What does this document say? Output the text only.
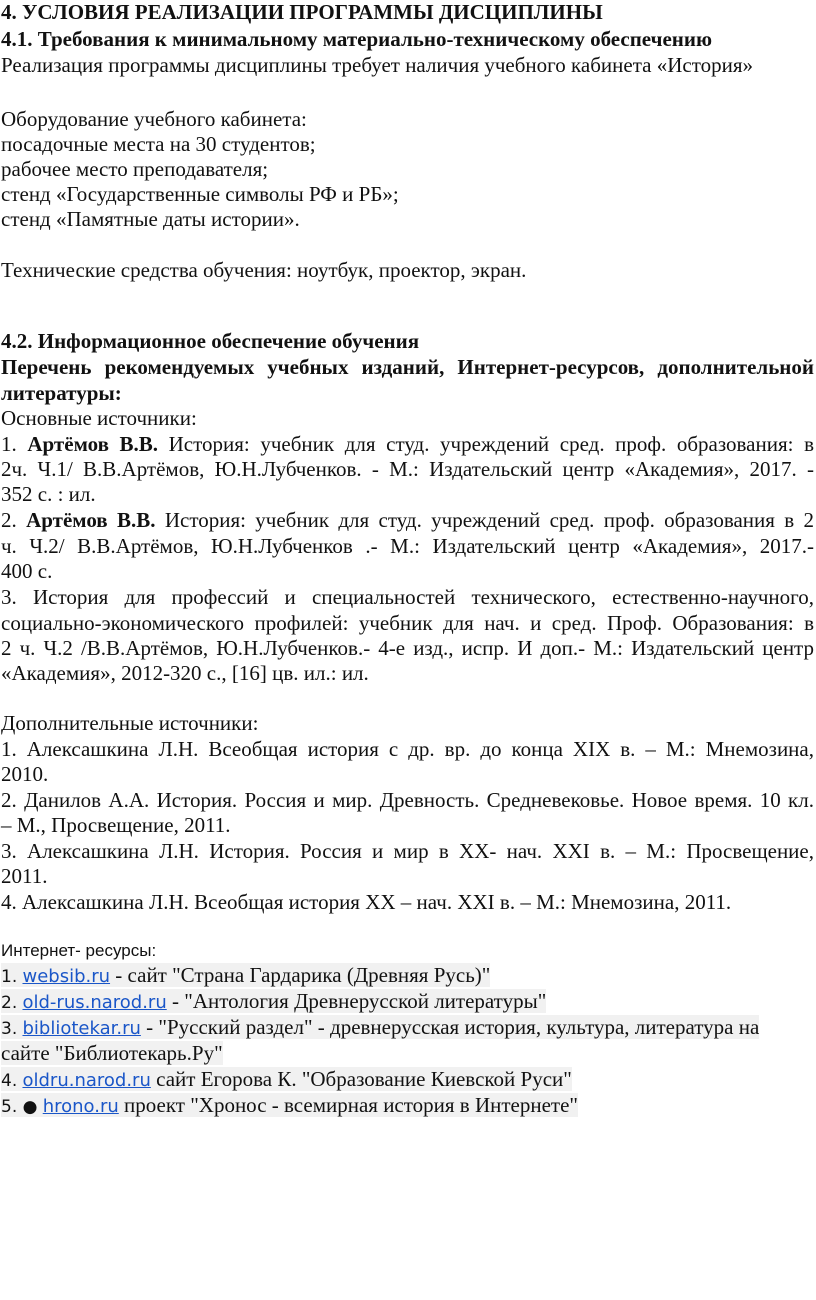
4. УСЛОВИЯ РЕАЛИЗАЦИИ ПРОГРАММЫ ДИСЦИПЛИНЫ
4.1. Требования к минимальному материально-техническому обеспечению
Реализация программы дисциплины требует наличия учебного кабинета «История»
Оборудование учебного кабинета:
посадочные места на 30 студентов;
рабочее место преподавателя;
стенд «Государственные символы РФ и РБ»;
стенд «Памятные даты истории».
Технические средства обучения: ноутбук, проектор, экран.
4.2. Информационное обеспечение обучения
Перечень рекомендуемых учебных изданий, Интернет-ресурсов, дополнительной
литературы:
Основные источники:
1. Артёмов В.В. История: учебник для студ. учреждений сред. проф. образования: в
2ч. Ч.1/ В.В.Артёмов, Ю.Н.Лубченков. - М.: Издательский центр «Академия», 2017. -
352 с. : ил.
2. Артёмов В.В. История: учебник для студ. учреждений сред. проф. образования в 2
ч. Ч.2/ В.В.Артёмов, Ю.Н.Лубченков .- М.: Издательский центр «Академия», 2017.-
400 с.
3. История для профессий и специальностей технического, естественно-научного,
социально-экономического профилей: учебник для нач. и сред. Проф. Образования: в
2 ч. Ч.2 /В.В.Артёмов, Ю.Н.Лубченков.- 4-е изд., испр. И доп.- М.: Издательский центр
«Академия», 2012-320 с., [16] цв. ил.: ил.
Дополнительные источники:
1. Алексашкина Л.Н. Всеобщая история с др. вр. до конца XIX в. – М.: Мнемозина,
2010.
2. Данилов А.А. История. Россия и мир. Древность. Средневековье. Новое время. 10 кл.
– М., Просвещение, 2011.
3. Алексашкина Л.Н. История. Россия и мир в XX- нач. XXI в. – М.: Просвещение,
2011.
4. Алексашкина Л.Н. Всеобщая история XX – нач. XXI в. – М.: Мнемозина, 2011.
Интернет- ресурсы:
1. websib.ru - сайт "Страна Гардарика (Древняя Русь)"
2. old-rus.narod.ru - "Антология Древнерусской литературы"
3. bibliotekar.ru - "Русский раздел" - древнерусская история, культура, литература на
сайте "Библиотекарь.Ру"
4. oldru.narod.ru сайт Егорова К. "Образование Киевской Руси"
5. ● hrono.ru проект "Хронос - всемирная история в Интернете"
